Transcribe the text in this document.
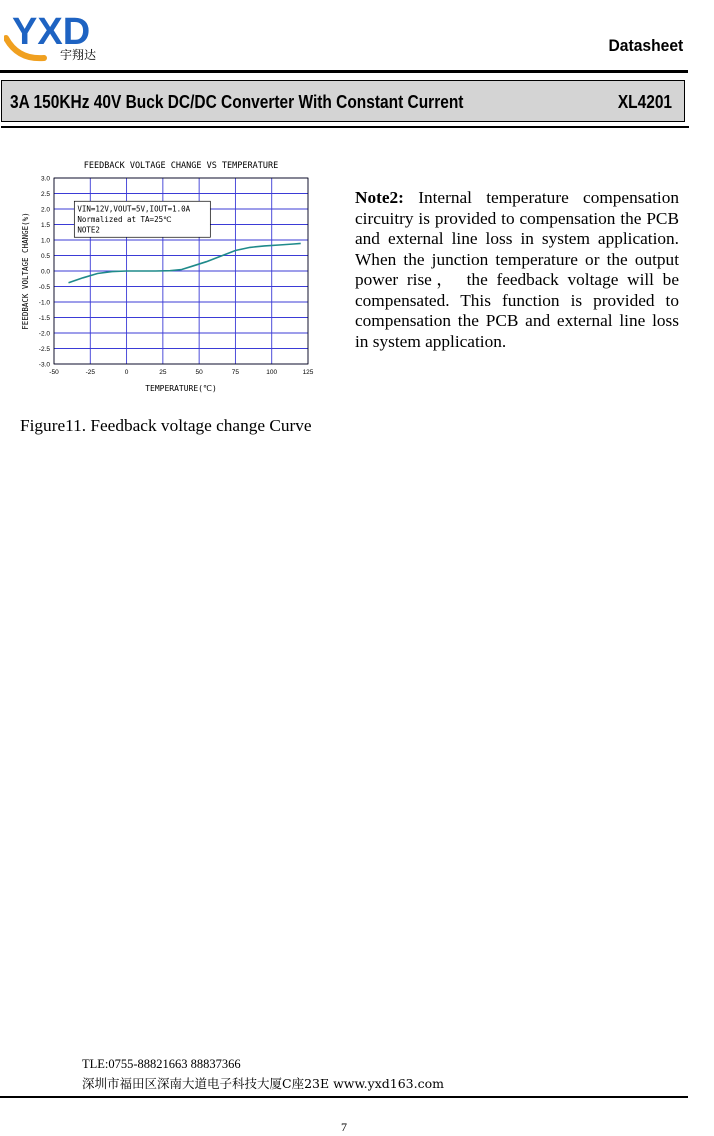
YXD
宇翔达	Datasheet
3A 150KHz 40V Buck DC/DC Converter With Constant Current	XL4201
FEEDBACK VOLTAGE CHANGE VS TEMPERATURE
3.0
2.5
2.0
1.5
1.0
0.5
0.0
-0.5
-1.0
-1.5
-2.0
-2.5
-3.0
-50	-25	0	25	50	75	100	125
TEMPERATURE(℃)
FEEDBACK VOLTAGE CHANGE(%)
VIN=12V,VOUT=5V,IOUT=1.0A
Normalized at TA=25℃
NOTE2
Note2: Internal temperature compensation circuitry is provided to compensation the PCB and external line loss in system application. When the junction temperature or the output power rise， the feedback voltage will be compensated. This function is provided to compensation the PCB and external line loss in system application.
Figure11. Feedback voltage change Curve
TLE:0755-88821663 88837366
深圳市福田区深南大道电子科技大厦C座23E www.yxd163.com
7
